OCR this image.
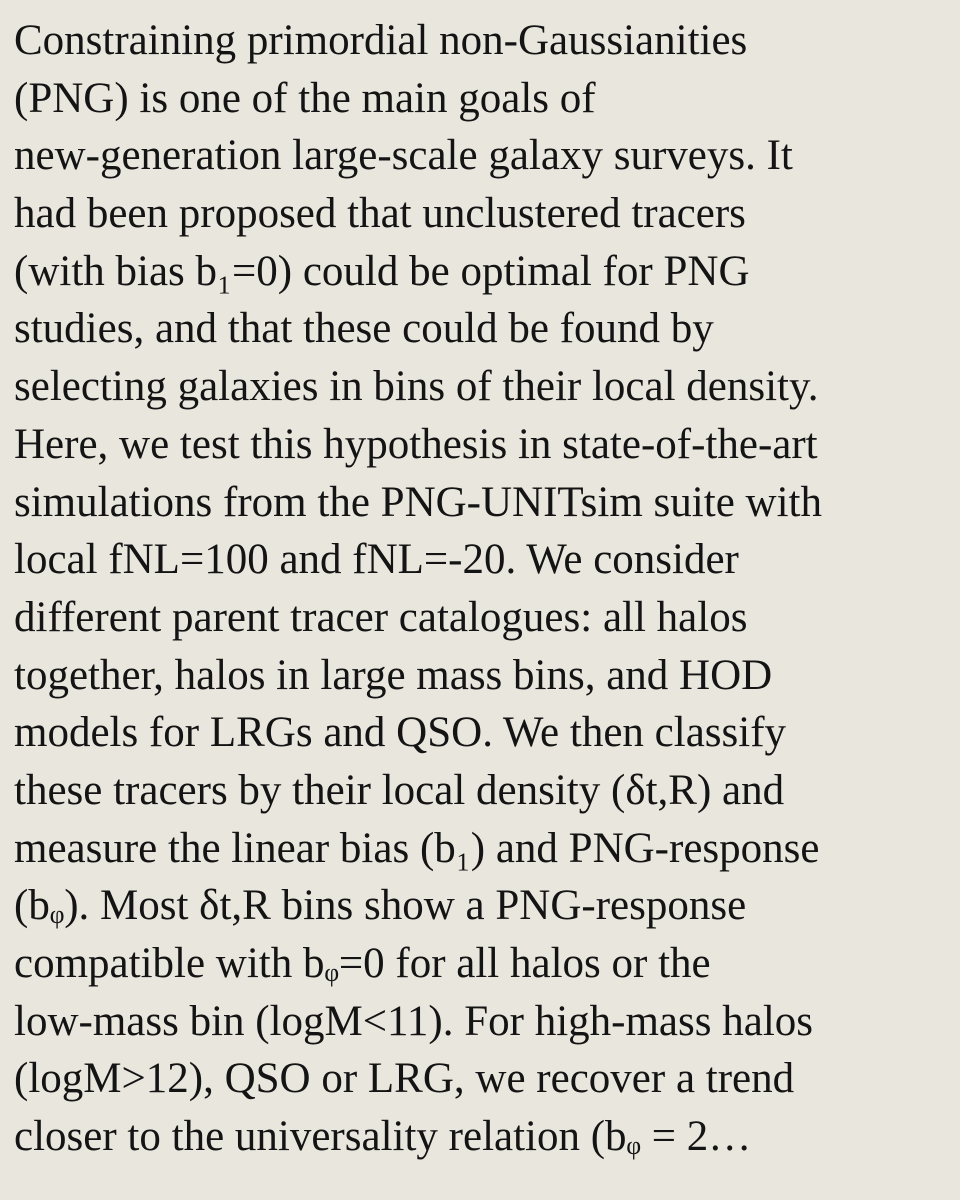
Constraining primordial non-Gaussianities
(PNG) is one of the main goals of
new-generation large-scale galaxy surveys. It
had been proposed that unclustered tracers
(with bias b₁=0) could be optimal for PNG
studies, and that these could be found by
selecting galaxies in bins of their local density.
Here, we test this hypothesis in state-of-the-art
simulations from the PNG-UNITsim suite with
local fNL=100 and fNL=-20. We consider
different parent tracer catalogues: all halos
together, halos in large mass bins, and HOD
models for LRGs and QSO. We then classify
these tracers by their local density (δt,R) and
measure the linear bias (b₁) and PNG-response
(bᵩ). Most δt,R bins show a PNG-response
compatible with bᵩ=0 for all halos or the
low-mass bin (logM<11). For high-mass halos
(logM>12), QSO or LRG, we recover a trend
closer to the universality relation (bᵩ = 2…
